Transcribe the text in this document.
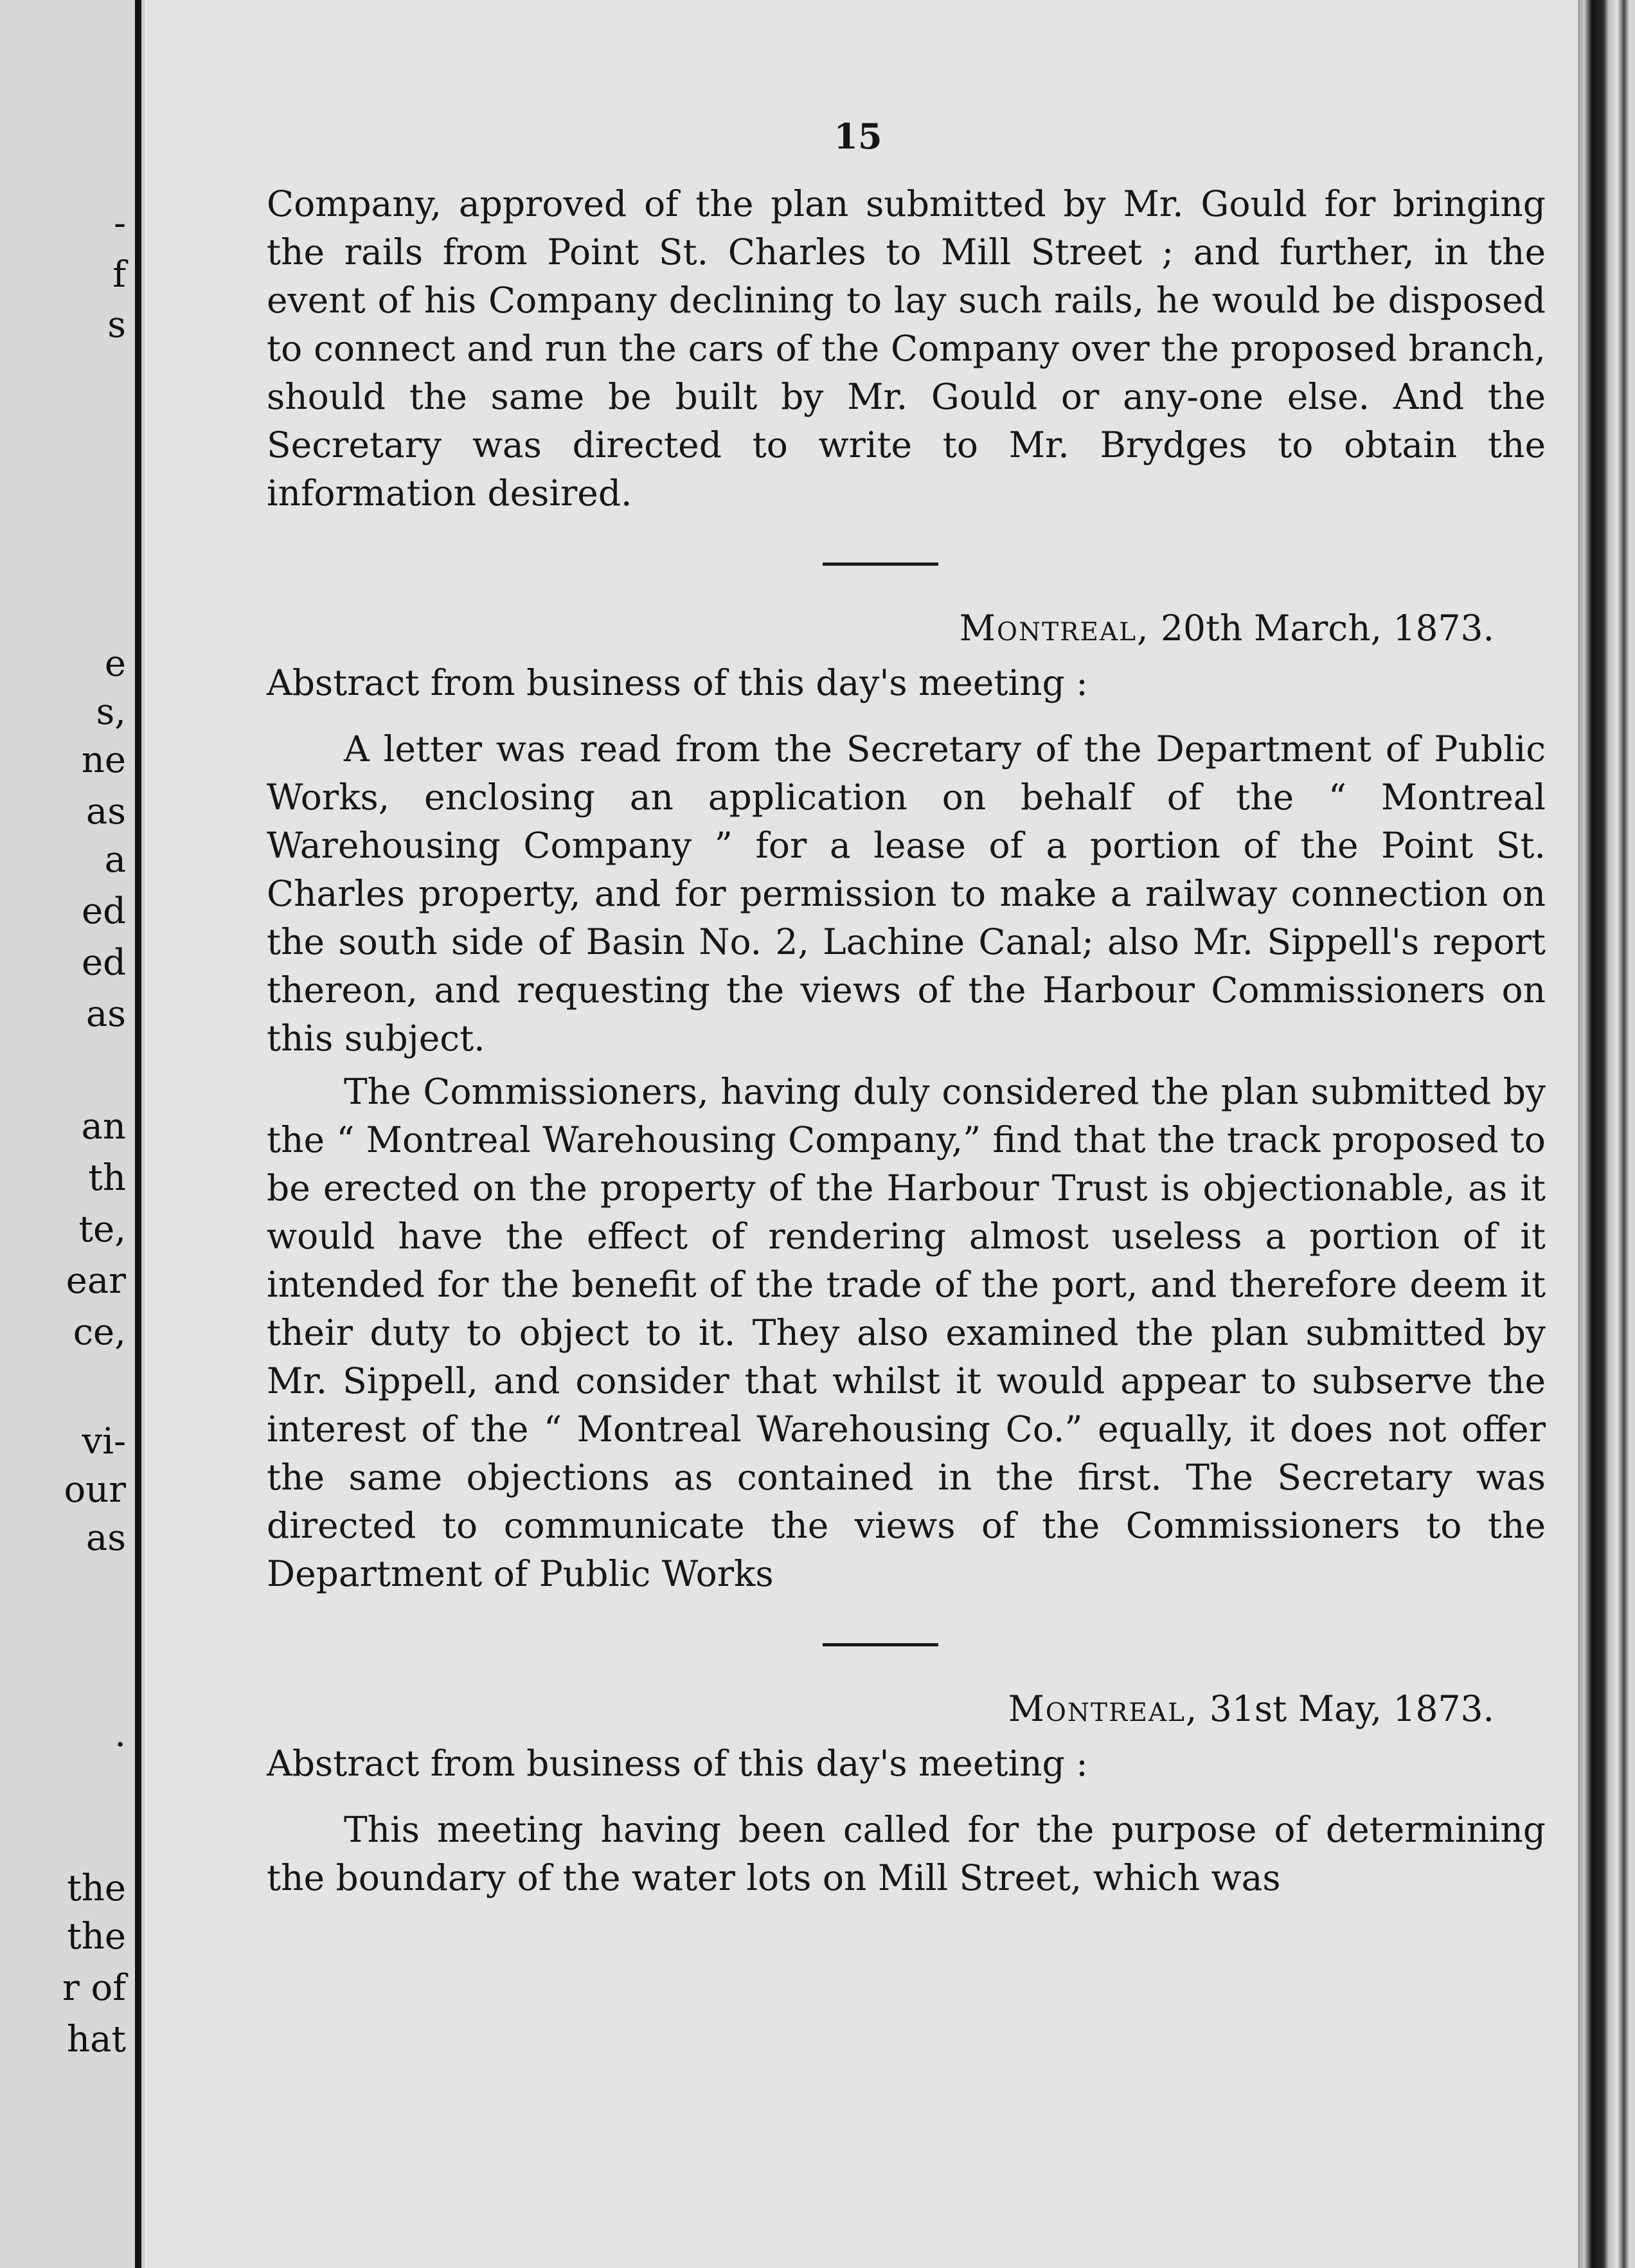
-
f
s
e
s,
ne
as
a
ed
ed
as
an
th
te,
ear
ce,
vi-
our
as
.
the
the
r of
hat
15

Company, approved of the plan submitted by Mr. Gould for bringing the rails from Point St. Charles to Mill Street ; and further, in the event of his Company declining to lay such rails, he would be disposed to connect and run the cars of the Company over the proposed branch, should the same be built by Mr. Gould or any-one else. And the Secretary was directed to write to Mr. Brydges to obtain the information desired.

Montreal, 20th March, 1873.
Abstract from business of this day's meeting :

A letter was read from the Secretary of the Department of Public Works, enclosing an application on behalf of the “ Montreal Warehousing Company ” for a lease of a portion of the Point St. Charles property, and for permission to make a railway connection on the south side of Basin No. 2, Lachine Canal; also Mr. Sippell's report thereon, and requesting the views of the Harbour Commissioners on this subject.

The Commissioners, having duly considered the plan submitted by the “ Montreal Warehousing Company,” find that the track proposed to be erected on the property of the Harbour Trust is objectionable, as it would have the effect of rendering almost useless a portion of it intended for the benefit of the trade of the port, and therefore deem it their duty to object to it. They also examined the plan submitted by Mr. Sippell, and consider that whilst it would appear to subserve the interest of the “ Montreal Warehousing Co.” equally, it does not offer the same objections as contained in the first. The Secretary was directed to communicate the views of the Commissioners to the Department of Public Works

Montreal, 31st May, 1873.
Abstract from business of this day's meeting :

This meeting having been called for the purpose of determining the boundary of the water lots on Mill Street, which was
